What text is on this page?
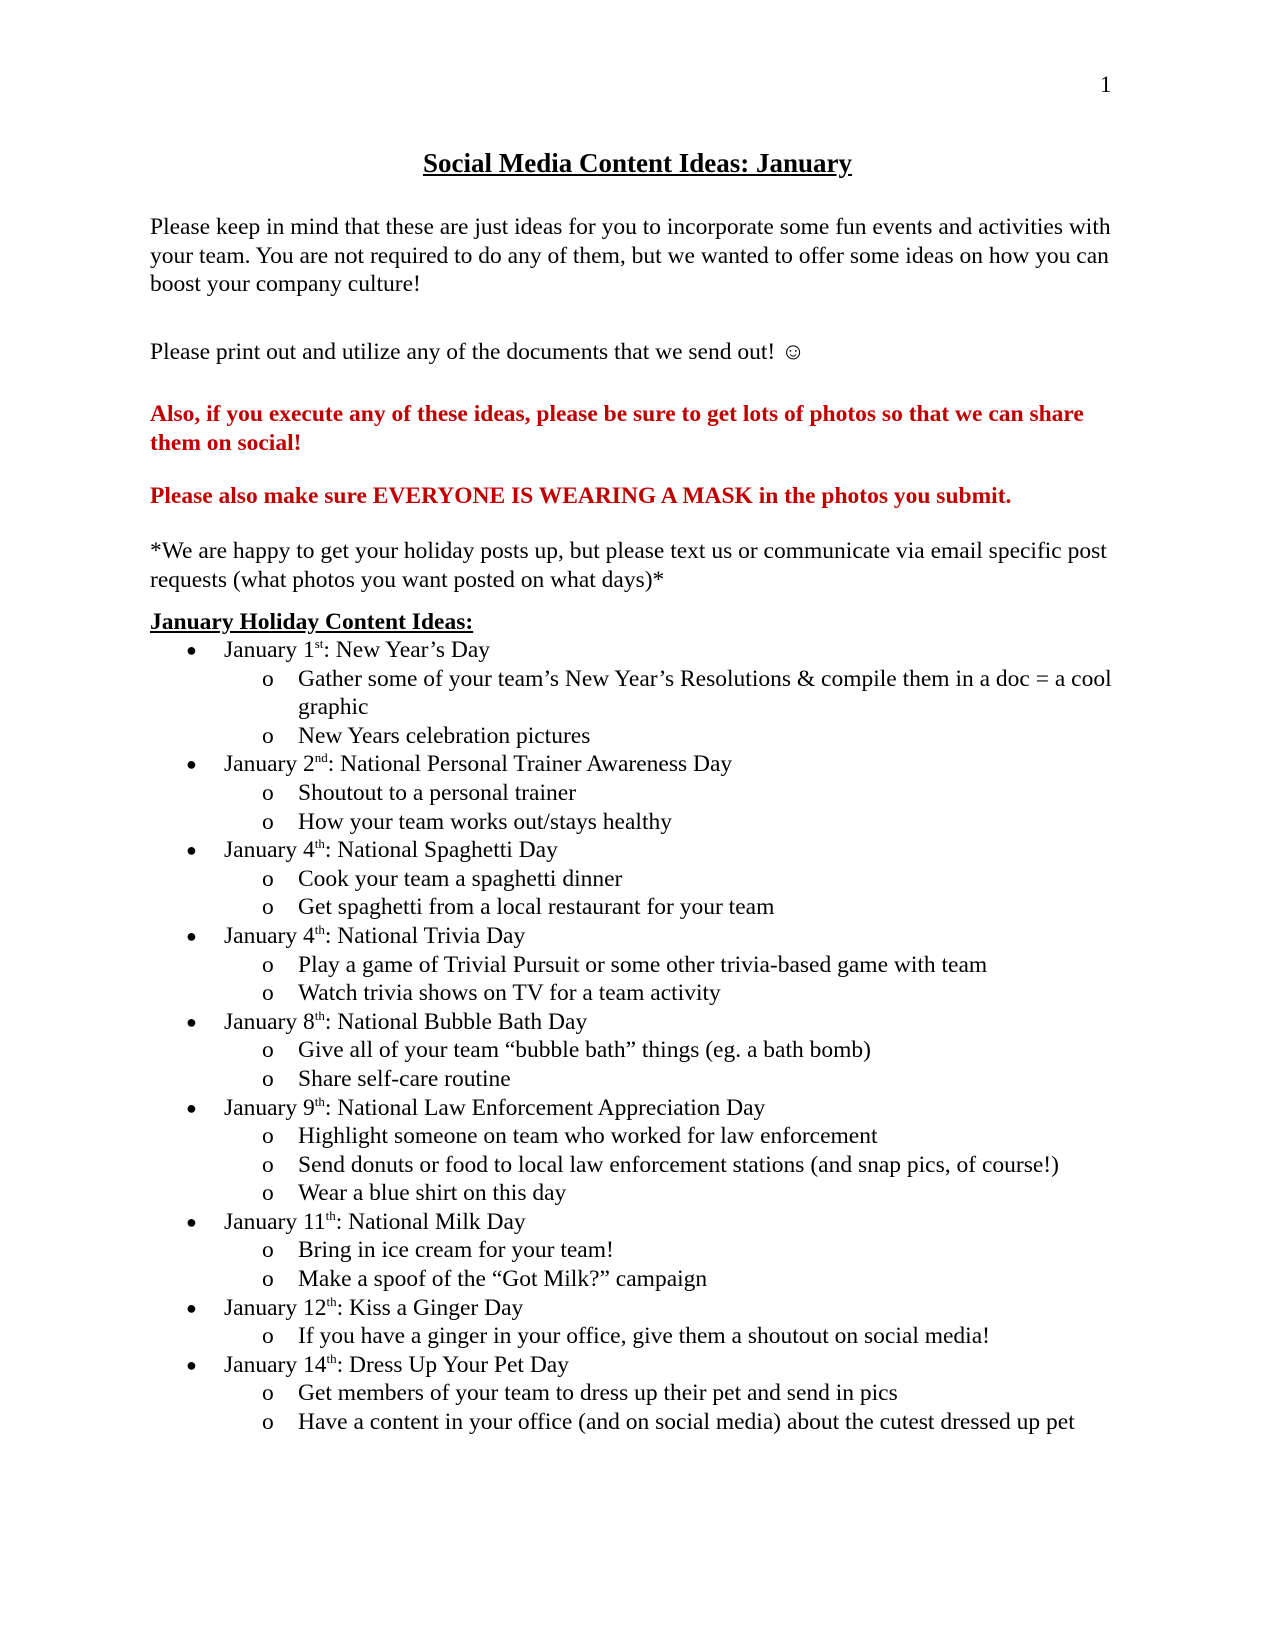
1
Social Media Content Ideas: January
Please keep in mind that these are just ideas for you to incorporate some fun events and activities with your team. You are not required to do any of them, but we wanted to offer some ideas on how you can boost your company culture!
Please print out and utilize any of the documents that we send out! ☺
Also, if you execute any of these ideas, please be sure to get lots of photos so that we can share them on social!
Please also make sure EVERYONE IS WEARING A MASK in the photos you submit.
*We are happy to get your holiday posts up, but please text us or communicate via email specific post requests (what photos you want posted on what days)*
January Holiday Content Ideas:
● January 1st: New Year’s Day
o Gather some of your team’s New Year’s Resolutions & compile them in a doc = a cool graphic
o New Years celebration pictures
● January 2nd: National Personal Trainer Awareness Day
o Shoutout to a personal trainer
o How your team works out/stays healthy
● January 4th: National Spaghetti Day
o Cook your team a spaghetti dinner
o Get spaghetti from a local restaurant for your team
● January 4th: National Trivia Day
o Play a game of Trivial Pursuit or some other trivia-based game with team
o Watch trivia shows on TV for a team activity
● January 8th: National Bubble Bath Day
o Give all of your team “bubble bath” things (eg. a bath bomb)
o Share self-care routine
● January 9th: National Law Enforcement Appreciation Day
o Highlight someone on team who worked for law enforcement
o Send donuts or food to local law enforcement stations (and snap pics, of course!)
o Wear a blue shirt on this day
● January 11th: National Milk Day
o Bring in ice cream for your team!
o Make a spoof of the “Got Milk?” campaign
● January 12th: Kiss a Ginger Day
o If you have a ginger in your office, give them a shoutout on social media!
● January 14th: Dress Up Your Pet Day
o Get members of your team to dress up their pet and send in pics
o Have a content in your office (and on social media) about the cutest dressed up pet
